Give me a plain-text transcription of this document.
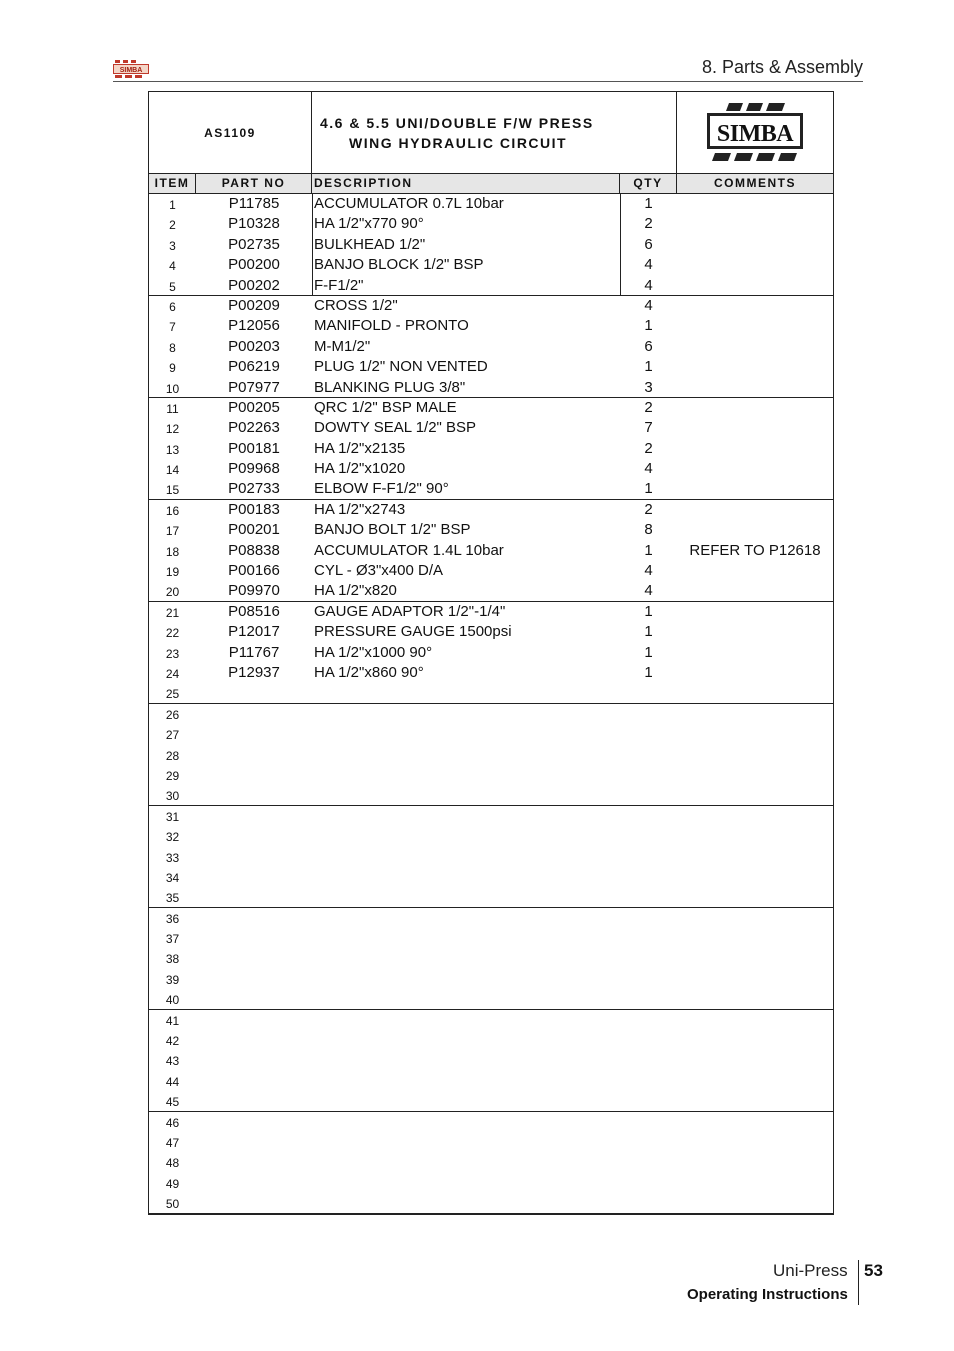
SIMBA	8. Parts & Assembly
AS1109
4.6 & 5.5 UNI/DOUBLE F/W PRESS
WING HYDRAULIC CIRCUIT	SIMBA
ITEM	PART NO	DESCRIPTION	QTY	COMMENTS
1	P11785	ACCUMULATOR 0.7L 10bar	1
2	P10328	HA 1/2"x770 90°	2
3	P02735	BULKHEAD 1/2"	6
4	P00200	BANJO BLOCK 1/2" BSP	4
5	P00202	F-F1/2"	4
6	P00209	CROSS 1/2"	4
7	P12056	MANIFOLD - PRONTO	1
8	P00203	M-M1/2"	6
9	P06219	PLUG 1/2" NON VENTED	1
10	P07977	BLANKING PLUG 3/8"	3
11	P00205	QRC 1/2" BSP MALE	2
12	P02263	DOWTY SEAL 1/2" BSP	7
13	P00181	HA 1/2"x2135	2
14	P09968	HA 1/2"x1020	4
15	P02733	ELBOW F-F1/2" 90°	1
16	P00183	HA 1/2"x2743	2
17	P00201	BANJO BOLT 1/2" BSP	8
18	P08838	ACCUMULATOR 1.4L 10bar	1	REFER TO P12618
19	P00166	CYL - Ø3"x400 D/A	4
20	P09970	HA 1/2"x820	4
21	P08516	GAUGE ADAPTOR 1/2"-1/4"	1
22	P12017	PRESSURE GAUGE 1500psi	1
23	P11767	HA 1/2"x1000 90°	1
24	P12937	HA 1/2"x860 90°	1
25
26
27
28
29
30
31
32
33
34
35
36
37
38
39
40
41
42
43
44
45
46
47
48
49
50
Uni-Press 53
Operating Instructions
